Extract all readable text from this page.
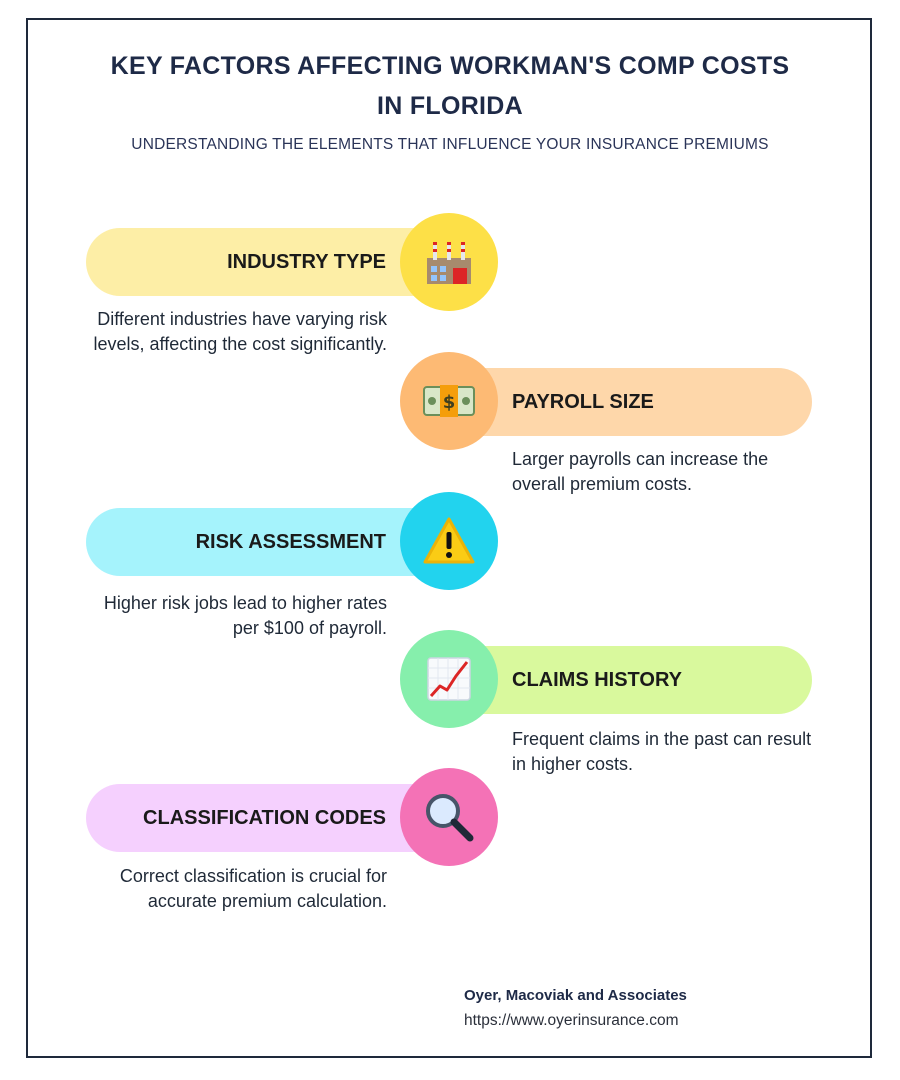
KEY FACTORS AFFECTING WORKMAN'S COMP COSTS
IN FLORIDA
UNDERSTANDING THE ELEMENTS THAT INFLUENCE YOUR INSURANCE PREMIUMS
INDUSTRY TYPE
Different industries have varying risk levels, affecting the cost significantly.
PAYROLL SIZE
$
Larger payrolls can increase the overall premium costs.
RISK ASSESSMENT
Higher risk jobs lead to higher rates per $100 of payroll.
CLAIMS HISTORY
Frequent claims in the past can result in higher costs.
CLASSIFICATION CODES
Correct classification is crucial for accurate premium calculation.
Oyer, Macoviak and Associates
https://www.oyerinsurance.com
